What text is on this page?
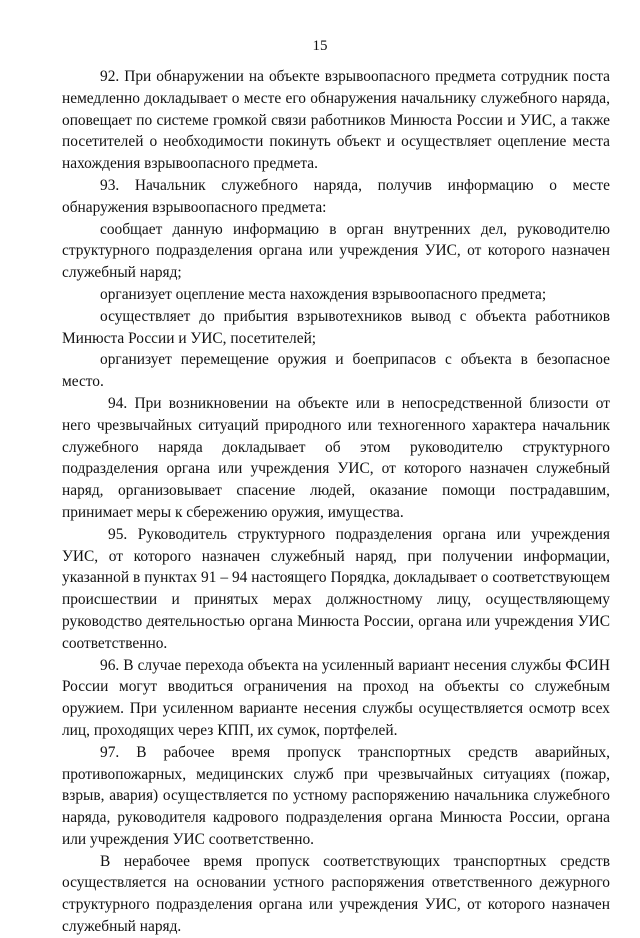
15

92. При обнаружении на объекте взрывоопасного предмета сотрудник поста немедленно докладывает о месте его обнаружения начальнику служебного наряда, оповещает по системе громкой связи работников Минюста России и УИС, а также посетителей о необходимости покинуть объект и осуществляет оцепление места нахождения взрывоопасного предмета.

93. Начальник служебного наряда, получив информацию о месте обнаружения взрывоопасного предмета:

сообщает данную информацию в орган внутренних дел, руководителю структурного подразделения органа или учреждения УИС, от которого назначен служебный наряд;

организует оцепление места нахождения взрывоопасного предмета;

осуществляет до прибытия взрывотехников вывод с объекта работников Минюста России и УИС, посетителей;

организует перемещение оружия и боеприпасов с объекта в безопасное место.

94. При возникновении на объекте или в непосредственной близости от него чрезвычайных ситуаций природного или техногенного характера начальник служебного наряда докладывает об этом руководителю структурного подразделения органа или учреждения УИС, от которого назначен служебный наряд, организовывает спасение людей, оказание помощи пострадавшим, принимает меры к сбережению оружия, имущества.

95. Руководитель структурного подразделения органа или учреждения УИС, от которого назначен служебный наряд, при получении информации, указанной в пунктах 91 – 94 настоящего Порядка, докладывает о соответствующем происшествии и принятых мерах должностному лицу, осуществляющему руководство деятельностью органа Минюста России, органа или учреждения УИС соответственно.

96. В случае перехода объекта на усиленный вариант несения службы ФСИН России могут вводиться ограничения на проход на объекты со служебным оружием. При усиленном варианте несения службы осуществляется осмотр всех лиц, проходящих через КПП, их сумок, портфелей.

97. В рабочее время пропуск транспортных средств аварийных, противопожарных, медицинских служб при чрезвычайных ситуациях (пожар, взрыв, авария) осуществляется по устному распоряжению начальника служебного наряда, руководителя кадрового подразделения органа Минюста России, органа или учреждения УИС соответственно.

В нерабочее время пропуск соответствующих транспортных средств осуществляется на основании устного распоряжения ответственного дежурного структурного подразделения органа или учреждения УИС, от которого назначен служебный наряд.
